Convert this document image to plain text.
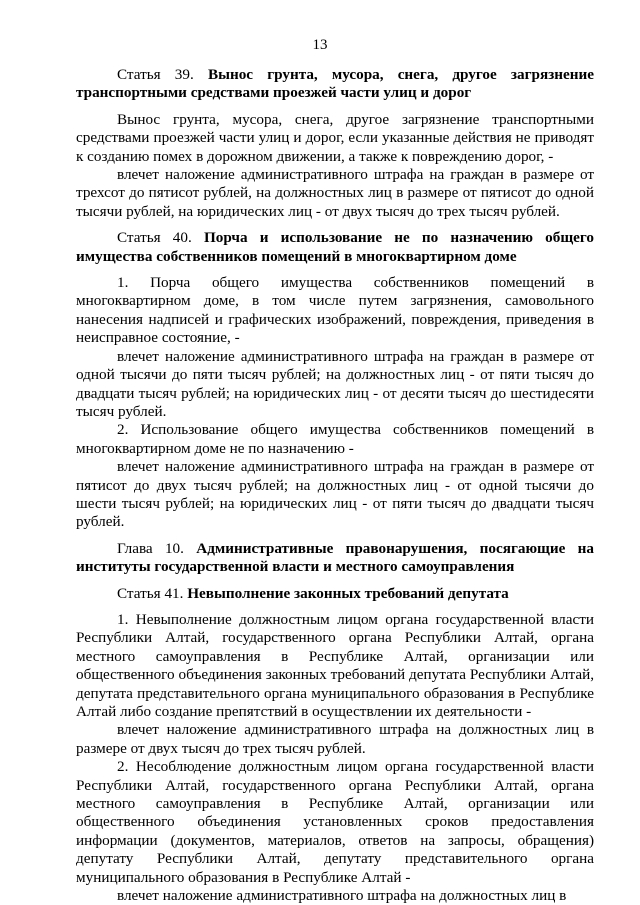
13

Статья 39. Вынос грунта, мусора, снега, другое загрязнение транспортными средствами проезжей части улиц и дорог

Вынос грунта, мусора, снега, другое загрязнение транспортными средствами проезжей части улиц и дорог, если указанные действия не приводят к созданию помех в дорожном движении, а также к повреждению дорог, -

влечет наложение административного штрафа на граждан в размере от трехсот до пятисот рублей, на должностных лиц в размере от пятисот до одной тысячи рублей, на юридических лиц - от двух тысяч до трех тысяч рублей.

Статья 40. Порча и использование не по назначению общего имущества собственников помещений в многоквартирном доме

1. Порча общего имущества собственников помещений в многоквартирном доме, в том числе путем загрязнения, самовольного нанесения надписей и графических изображений, повреждения, приведения в неисправное состояние, -

влечет наложение административного штрафа на граждан в размере от одной тысячи до пяти тысяч рублей; на должностных лиц - от пяти тысяч до двадцати тысяч рублей; на юридических лиц - от десяти тысяч до шестидесяти тысяч рублей.

2. Использование общего имущества собственников помещений в многоквартирном доме не по назначению -

влечет наложение административного штрафа на граждан в размере от пятисот до двух тысяч рублей; на должностных лиц - от одной тысячи до шести тысяч рублей; на юридических лиц - от пяти тысяч до двадцати тысяч рублей.

Глава 10. Административные правонарушения, посягающие на институты государственной власти и местного самоуправления

Статья 41. Невыполнение законных требований депутата

1. Невыполнение должностным лицом органа государственной власти Республики Алтай, государственного органа Республики Алтай, органа местного самоуправления в Республике Алтай, организации или общественного объединения законных требований депутата Республики Алтай, депутата представительного органа муниципального образования в Республике Алтай либо создание препятствий в осуществлении их деятельности -

влечет наложение административного штрафа на должностных лиц в размере от двух тысяч до трех тысяч рублей.

2. Несоблюдение должностным лицом органа государственной власти Республики Алтай, государственного органа Республики Алтай, органа местного самоуправления в Республике Алтай, организации или общественного объединения установленных сроков предоставления информации (документов, материалов, ответов на запросы, обращения) депутату Республики Алтай, депутату представительного органа муниципального образования в Республике Алтай -

влечет наложение административного штрафа на должностных лиц в
